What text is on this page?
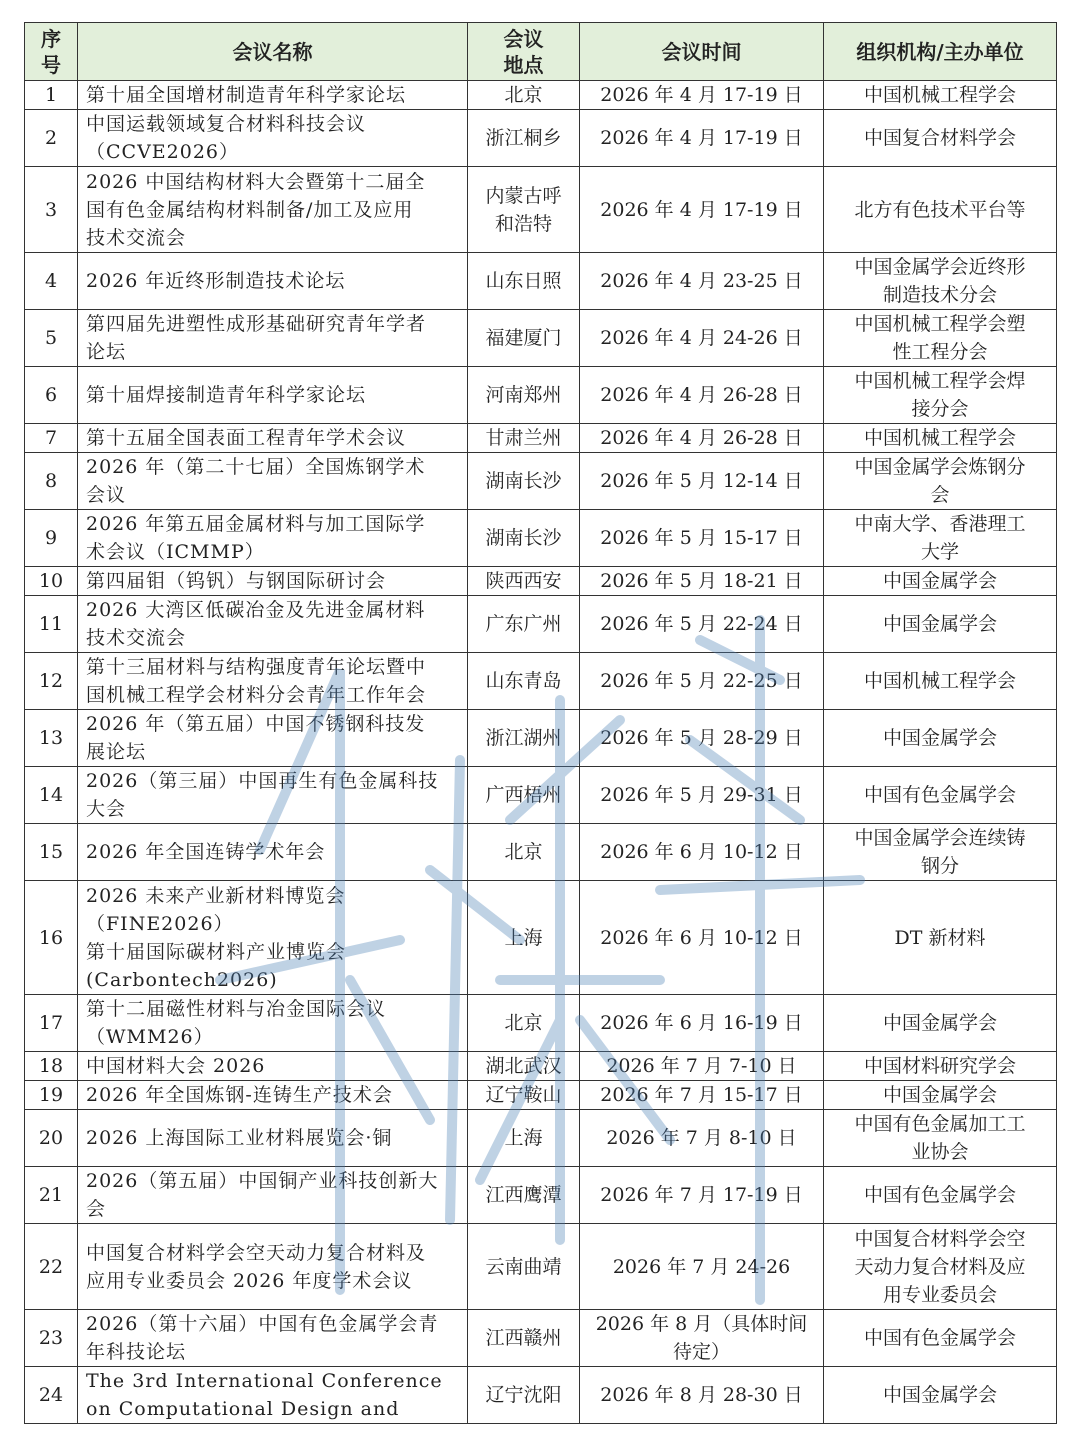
序
号	会议名称	会议
地点	会议时间	组织机构/主办单位
1	第十届全国增材制造青年科学家论坛	北京	2026 年 4 月 17-19 日	中国机械工程学会

2	中国运载领域复合材料科技会议
（CCVE2026）	浙江桐乡	2026 年 4 月 17-19 日	中国复合材料学会

3	2026 中国结构材料大会暨第十二届全
国有色金属结构材料制备/加工及应用
技术交流会	内蒙古呼
和浩特	2026 年 4 月 17-19 日	北方有色技术平台等

4	2026 年近终形制造技术论坛	山东日照	2026 年 4 月 23-25 日	中国金属学会近终形
制造技术分会

5	第四届先进塑性成形基础研究青年学者
论坛	福建厦门	2026 年 4 月 24-26 日	中国机械工程学会塑
性工程分会

6	第十届焊接制造青年科学家论坛	河南郑州	2026 年 4 月 26-28 日	中国机械工程学会焊
接分会

7	第十五届全国表面工程青年学术会议	甘肃兰州	2026 年 4 月 26-28 日	中国机械工程学会

8	2026 年（第二十七届）全国炼钢学术
会议	湖南长沙	2026 年 5 月 12-14 日	中国金属学会炼钢分
会

9	2026 年第五届金属材料与加工国际学
术会议（ICMMP）	湖南长沙	2026 年 5 月 15-17 日	中南大学、香港理工
大学

10	第四届钼（钨钒）与钢国际研讨会	陕西西安	2026 年 5 月 18-21 日	中国金属学会

11	2026 大湾区低碳冶金及先进金属材料
技术交流会	广东广州	2026 年 5 月 22-24 日	中国金属学会

12	第十三届材料与结构强度青年论坛暨中
国机械工程学会材料分会青年工作年会	山东青岛	2026 年 5 月 22-25 日	中国机械工程学会

13	2026 年（第五届）中国不锈钢科技发
展论坛	浙江湖州	2026 年 5 月 28-29 日	中国金属学会

14	2026（第三届）中国再生有色金属科技
大会	广西梧州	2026 年 5 月 29-31 日	中国有色金属学会

15	2026 年全国连铸学术年会	北京	2026 年 6 月 10-12 日	中国金属学会连续铸
钢分

16	2026 未来产业新材料博览会
（FINE2026）
第十届国际碳材料产业博览会
(Carbontech2026)	上海	2026 年 6 月 10-12 日	DT 新材料

17	第十二届磁性材料与冶金国际会议
（WMM26）	北京	2026 年 6 月 16-19 日	中国金属学会

18	中国材料大会 2026	湖北武汉	2026 年 7 月 7-10 日	中国材料研究学会

19	2026 年全国炼钢-连铸生产技术会	辽宁鞍山	2026 年 7 月 15-17 日	中国金属学会

20	2026 上海国际工业材料展览会·铜	上海	2026 年 7 月 8-10 日	中国有色金属加工工
业协会

21	2026（第五届）中国铜产业科技创新大
会	江西鹰潭	2026 年 7 月 17-19 日	中国有色金属学会

22	中国复合材料学会空天动力复合材料及
应用专业委员会 2026 年度学术会议	云南曲靖	2026 年 7 月 24-26	中国复合材料学会空
天动力复合材料及应
用专业委员会

23	2026（第十六届）中国有色金属学会青
年科技论坛	江西赣州	2026 年 8 月（具体时间
待定）	中国有色金属学会

24	The 3rd International Conference
on Computational Design and	辽宁沈阳	2026 年 8 月 28-30 日	中国金属学会
